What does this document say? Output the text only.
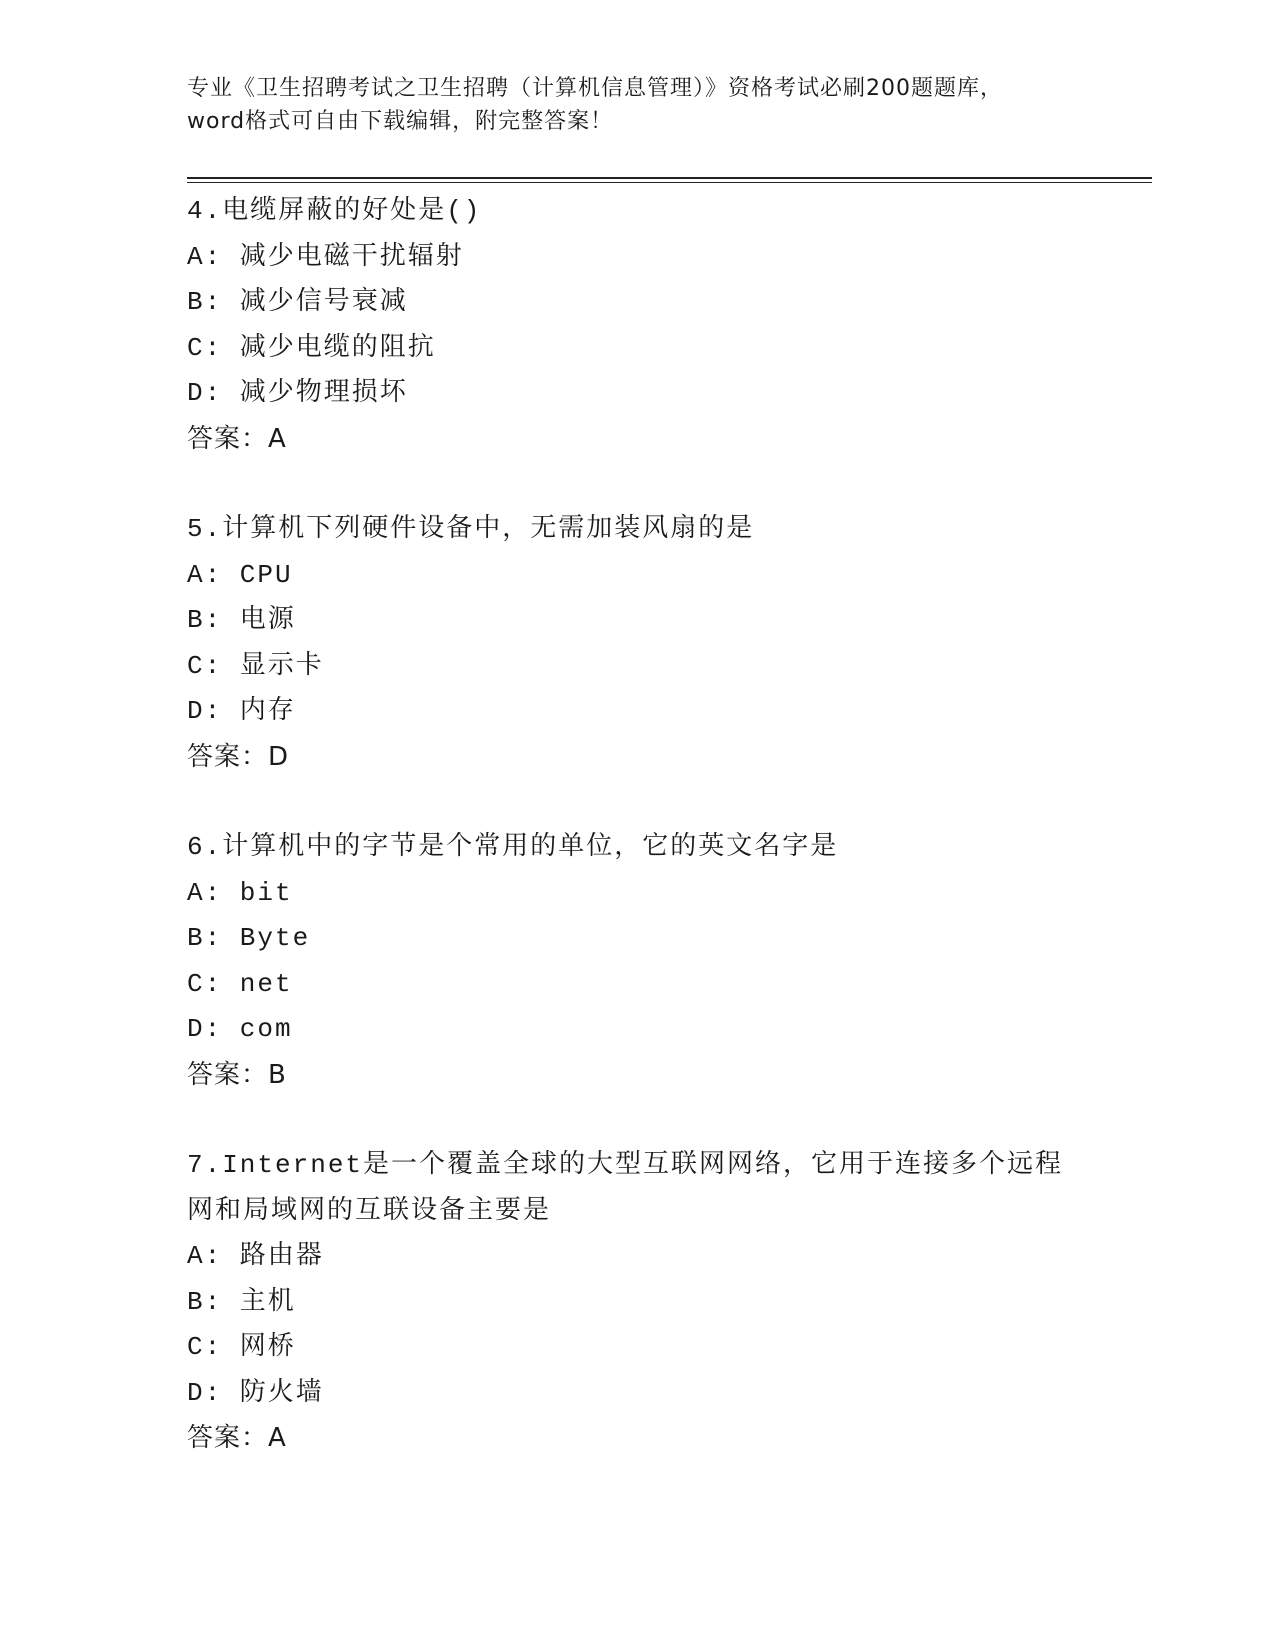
专业《卫生招聘考试之卫生招聘（计算机信息管理）》资格考试必刷200题题库，
word格式可自由下载编辑，附完整答案！
4.电缆屏蔽的好处是()
A: 减少电磁干扰辐射
B: 减少信号衰减
C: 减少电缆的阻抗
D: 减少物理损坏
答案：A
5.计算机下列硬件设备中，无需加装风扇的是
A: CPU
B: 电源
C: 显示卡
D: 内存
答案：D
6.计算机中的字节是个常用的单位，它的英文名字是
A: bit
B: Byte
C: net
D: com
答案：B
7.Internet是一个覆盖全球的大型互联网网络，它用于连接多个远程
网和局域网的互联设备主要是
A: 路由器
B: 主机
C: 网桥
D: 防火墙
答案：A
